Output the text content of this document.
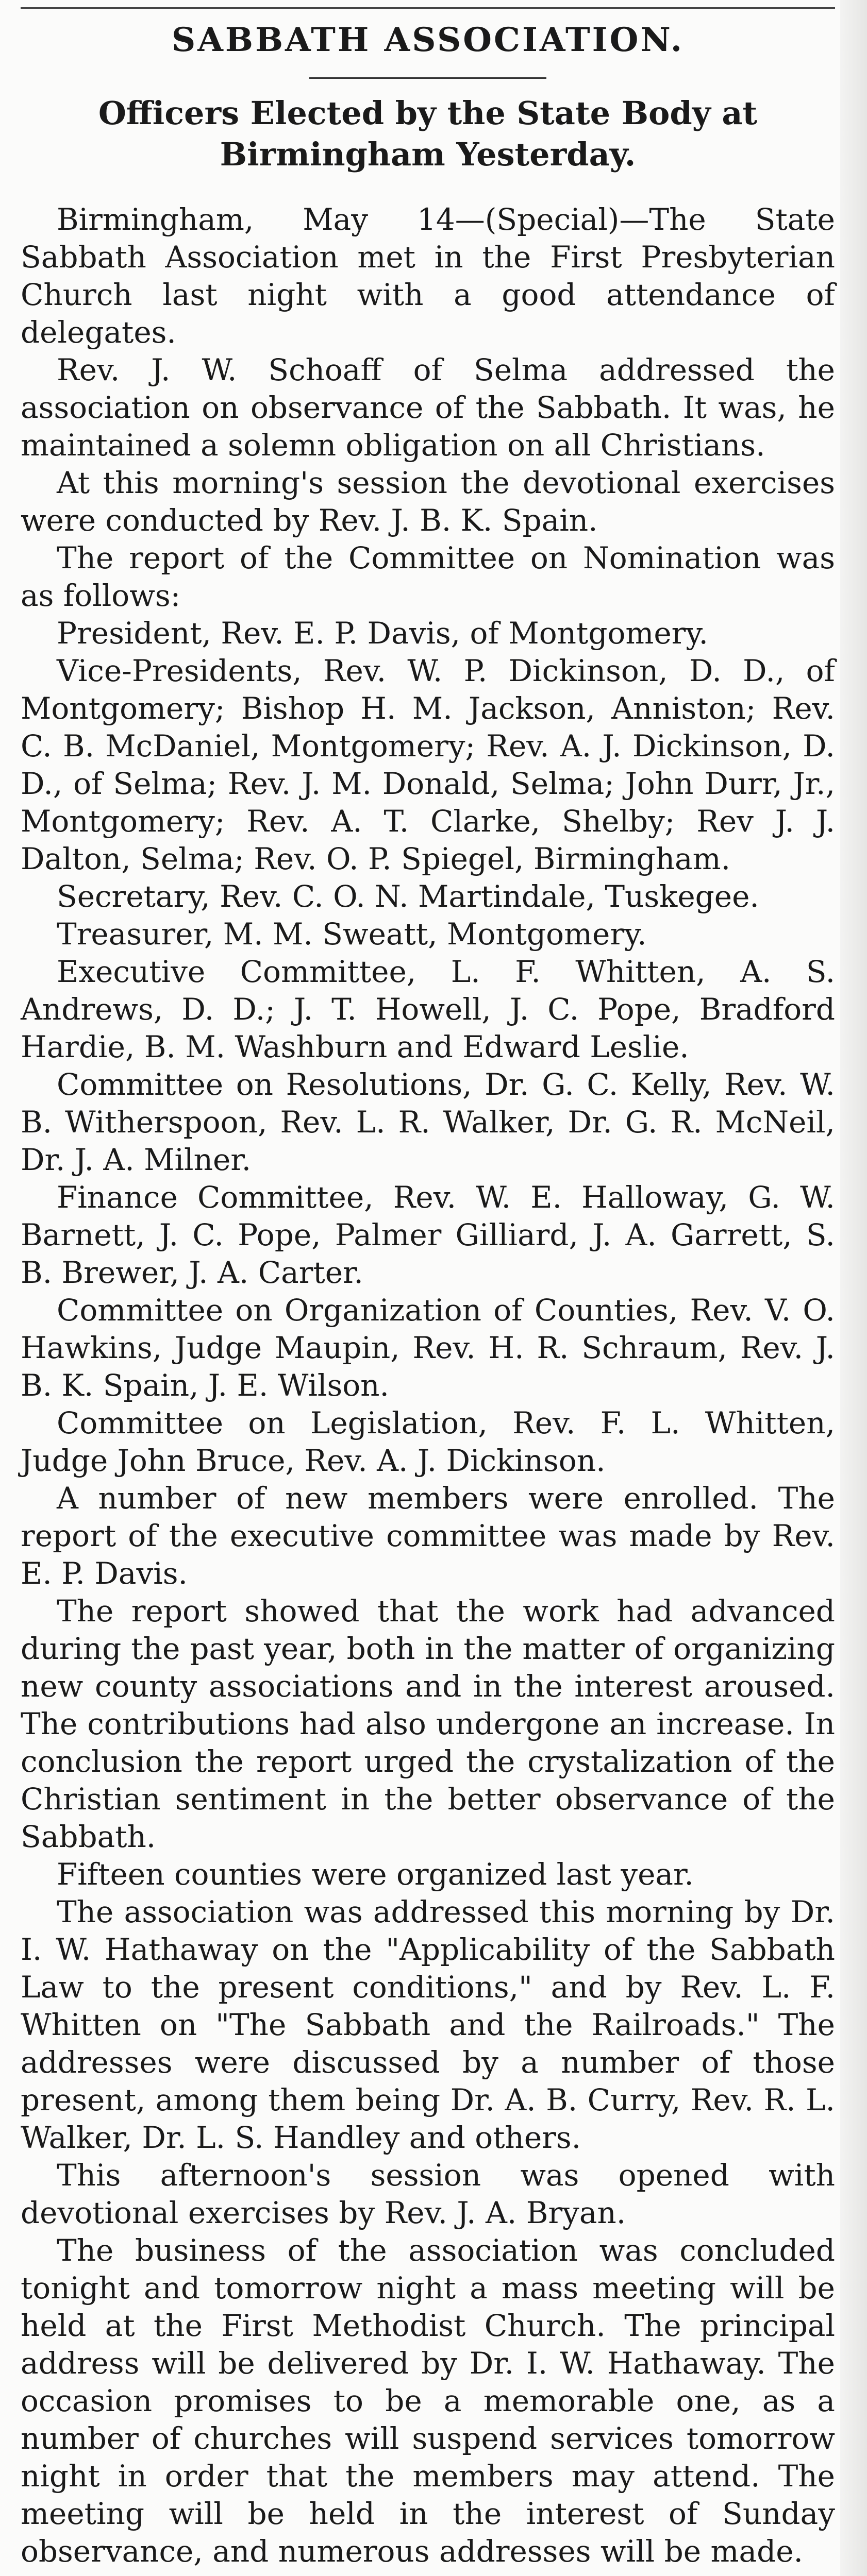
SABBATH ASSOCIATION.
Officers Elected by the State Body at Birmingham Yesterday.

Birmingham, May 14—(Special)—The State Sabbath Association met in the First Presbyterian Church last night with a good attendance of delegates.

Rev. J. W. Schoaff of Selma addressed the association on observance of the Sabbath. It was, he maintained a solemn obligation on all Christians.

At this morning's session the devotional exercises were conducted by Rev. J. B. K. Spain.

The report of the Committee on Nomination was as follows:

President, Rev. E. P. Davis, of Montgomery.

Vice-Presidents, Rev. W. P. Dickinson, D. D., of Montgomery; Bishop H. M. Jackson, Anniston; Rev. C. B. McDaniel, Montgomery; Rev. A. J. Dickinson, D. D., of Selma; Rev. J. M. Donald, Selma; John Durr, Jr., Montgomery; Rev. A. T. Clarke, Shelby; Rev J. J. Dalton, Selma; Rev. O. P. Spiegel, Birmingham.

Secretary, Rev. C. O. N. Martindale, Tuskegee.

Treasurer, M. M. Sweatt, Montgomery.

Executive Committee, L. F. Whitten, A. S. Andrews, D. D.; J. T. Howell, J. C. Pope, Bradford Hardie, B. M. Washburn and Edward Leslie.

Committee on Resolutions, Dr. G. C. Kelly, Rev. W. B. Witherspoon, Rev. L. R. Walker, Dr. G. R. McNeil, Dr. J. A. Milner.

Finance Committee, Rev. W. E. Halloway, G. W. Barnett, J. C. Pope, Palmer Gilliard, J. A. Garrett, S. B. Brewer, J. A. Carter.

Committee on Organization of Counties, Rev. V. O. Hawkins, Judge Maupin, Rev. H. R. Schraum, Rev. J. B. K. Spain, J. E. Wilson.

Committee on Legislation, Rev. F. L. Whitten, Judge John Bruce, Rev. A. J. Dickinson.

A number of new members were enrolled. The report of the executive committee was made by Rev. E. P. Davis.

The report showed that the work had advanced during the past year, both in the matter of organizing new county associations and in the interest aroused. The contributions had also undergone an increase. In conclusion the report urged the crystalization of the Christian sentiment in the better observance of the Sabbath.

Fifteen counties were organized last year.

The association was addressed this morning by Dr. I. W. Hathaway on the "Applicability of the Sabbath Law to the present conditions," and by Rev. L. F. Whitten on "The Sabbath and the Railroads." The addresses were discussed by a number of those present, among them being Dr. A. B. Curry, Rev. R. L. Walker, Dr. L. S. Handley and others.

This afternoon's session was opened with devotional exercises by Rev. J. A. Bryan.

The business of the association was concluded tonight and tomorrow night a mass meeting will be held at the First Methodist Church. The principal address will be delivered by Dr. I. W. Hathaway. The occasion promises to be a memorable one, as a number of churches will suspend services tomorrow night in order that the members may attend. The meeting will be held in the interest of Sunday observance, and numerous addresses will be made.
